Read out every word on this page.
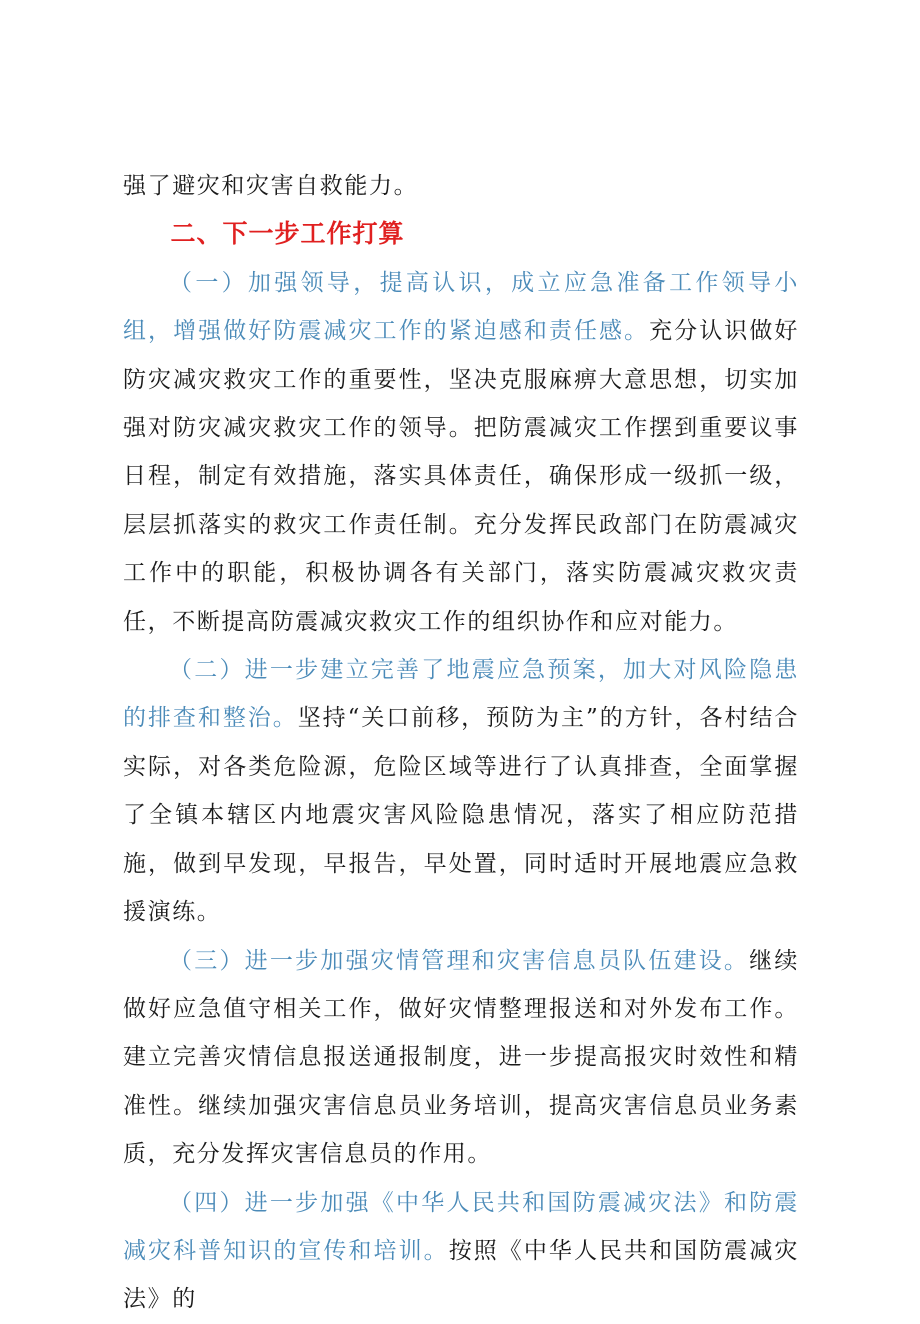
强了避灾和灾害自救能力。

二、下一步工作打算

（一）加强领导，提高认识，成立应急准备工作领导小组，增强做好防震减灾工作的紧迫感和责任感。充分认识做好防灾减灾救灾工作的重要性，坚决克服麻痹大意思想，切实加强对防灾减灾救灾工作的领导。把防震减灾工作摆到重要议事日程，制定有效措施，落实具体责任，确保形成一级抓一级，层层抓落实的救灾工作责任制。充分发挥民政部门在防震减灾工作中的职能，积极协调各有关部门，落实防震减灾救灾责任，不断提高防震减灾救灾工作的组织协作和应对能力。

（二）进一步建立完善了地震应急预案，加大对风险隐患的排查和整治。坚持“关口前移，预防为主”的方针，各村结合实际，对各类危险源，危险区域等进行了认真排查，全面掌握了全镇本辖区内地震灾害风险隐患情况，落实了相应防范措施，做到早发现，早报告，早处置，同时适时开展地震应急救援演练。

（三）进一步加强灾情管理和灾害信息员队伍建设。继续做好应急值守相关工作，做好灾情整理报送和对外发布工作。建立完善灾情信息报送通报制度，进一步提高报灾时效性和精准性。继续加强灾害信息员业务培训，提高灾害信息员业务素质，充分发挥灾害信息员的作用。

（四）进一步加强《中华人民共和国防震减灾法》和防震减灾科普知识的宣传和培训。按照《中华人民共和国防震减灾法》的
